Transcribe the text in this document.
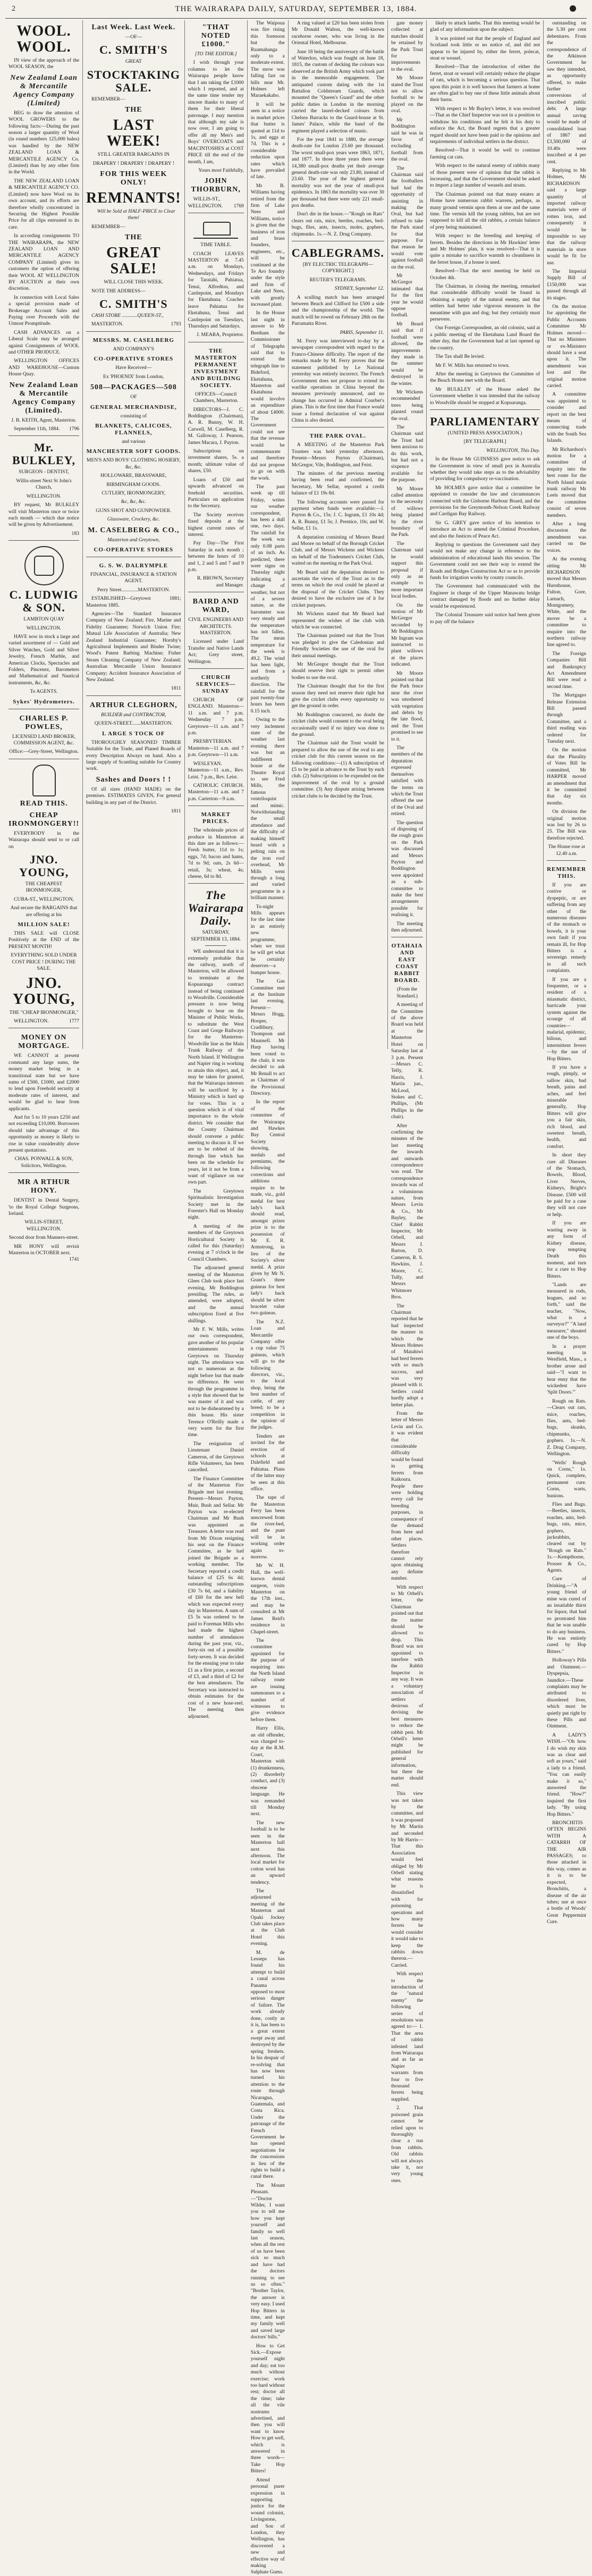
2	THE WAIRARAPA DAILY, SATURDAY, SEPTEMBER 13, 1884.
WOOL. WOOL.

IN view of the approach of the WOOL SEASON, the

New Zealand Loan & Mercantile Agency Company (Limited)

BEG to draw the attention of WOOL GROWERS to the following facts:—During the past season a larger quantity of Wool (in round numbers 125,000 bales) was handled by the NEW ZEALAND LOAN & MERCANTILE AGENCY Co. (Limited) than by any other firm in the World.

THE NEW ZEALAND LOAN & MERCANTILE AGENCY CO. (Limited) now have Wool on its own account, and its efforts are therefore wholly concentrated in Securing the Highest Possible Price for all clips entrusted to its care.

In according consignments TO THE WAIRARAPA, the NEW ZEALAND LOAN AND MERCANTILE AGENCY COMPANY (Limited) gives its customers the option of offering their WOOL AT WELLINGTON BY AUCTION at their own discretion.

In connection with Local Sales a special provision made of Brokerage Account Sales and Paying over Proceeds with the Utmost Promptitude.

CASH ADVANCES on a Liberal Scale may be arranged against Consignments of WOOL and OTHER PRODUCE.

WELLINGTON OFFICES AND WAREHOUSE—Custom House Quay.

New Zealand Loan & Mercantile Agency Company (Limited).

J. B. KEITH, Agent, Masterton.

September 11th, 1884.	1796

Mr. BULKLEY,

SURGEON - DENTIST,

Willis-street Next St John's Church,

WELLINGTON.

BY request, Mr BULKLEY will visit Masterton once or twice each month — which due notice will be given by Advertisement.

183

C. LUDWIG & SON.

LAMBTON QUAY

WELLINGTON.

HAVE now in stock a large and varied assortment of — Gold and Silver Watches, Gold and Silver Jewelry, French Marble, and American Clocks, Spectacles and Folders, Pincenez, Barometers and Mathematical and Nautical instruments, &c, &c.

To AGENTS.

Sykes' Hydrometers.
CHARLES P. POWLES,

LICENSED LAND BROKER, COMMISSION AGENT, &c.

Office:—Grey-Street, Wellington.

READ THIS.
CHEAP IRONMONGERY!!

EVERYBODY in the Wairarapa should send to or call on

JNO. YOUNG,

THE CHEAPEST IRONMONGER,

CUBA-ST., WELLINGTON,

And secure the BARGAINS that are offering at his

MILLION SALE!

THIS SALE will CLOSE Positively at the END of the PRESENT MONTH!

EVERYTHING SOLD UNDER COST PRICE ! DURING THE SALE.

JNO. YOUNG,

THE "CHEAP IRONMONGER,"

WELLINGTON.	1777

MONEY ON MORTGAGE.

WE CANNOT at present command any large sums, the money market being in a transitional state but we have sums of £500, £1000, and £2000 to lend upon Freehold security at moderate rates of interest, and would be glad to hear from applicants.

And for 5 to 10 years £250 and not exceeding £10,000. Borrowers should take advantage of this opportunity as money is likely to rise in value considerably above present quotations.

CHAS. PONWALL & SON, Solicitors, Wellington.

MR A RTHUR HONY.

DENTIST in Dental Surgery, 'to the Royal College Surgeons, Ireland.

WILLIS-STREET, WELLINGTON.

Second door from Manners-street.

MR HONY will revisit Masterton in OCTOBER next.
1741

Last Week. Last Week.

—OF—

C. SMITH'S

GREAT

STOCKTAKING SALE.

REMEMBER—

THE
LAST WEEK!

STILL GREATER BARGAINS IN

DRAPERY ! DRAPERY ! DRAPERY !

FOR THIS WEEK ONLY!
REMNANTS!

Will be Sold at HALF-PRICE to Clear them!

REMEMBER—

THE
GREAT SALE!

WILL CLOSE THIS WEEK.

NOTE THE ADDRESS—

C. SMITH'S

CASH STORE ............QUEEN-ST.,

MASTERTON.	1793

MESSRS. M. CASELBERG

AND COMPANY'S

CO-OPERATIVE STORES

Have Received—

Ex 'PHOENIX' from London,

508—PACKAGES—508

OF

GENERAL MERCHANDISE,

consisting of

BLANKETS, CALICOES, FLANNELS,

and various

MANCHESTER SOFT GOODS.

MEN'S AND BOYS' CLOTHING HOSIERY, &c, &c.

HOLLOWARE, BRASSWARE,

BIRMINGHAM GOODS.

CUTLERY, IRONMONGERY,

&c, &c, &c.

GUNS SHOT AND GUNPOWDER.

Glassware, Crockery, &c.

M. CASELBERG & CO.,

Masterton and Greytown,

CO-OPERATIVE STORES
G. S. W. DALRYMPLE

FINANCIAL, INSURANCE & STATION AGENT.

Perry Street.............MASTERTON.

ESTABLISHED—Greytown 1881; Masterton 1885.

Agencies—The Standard Insurance Company of New Zealand; Fire, Marine and Fidelity Guarantee; Norwich Union Fire; Mutual Life Association of Australia; New Zealand Industrial Guarantee; Hornby's Agricultural Implements and Binder Twine; Wood's Patent Barbing Machine; Fisher Steam Cleaning Company of New Zealand; Australian Mercantile Union Insurance Company; Accident Insurance Association of New Zealand.

1811

ARTHUR CLEGHORN,

BUILDER and CONTRACTOR,

QUEEN-STREET.......MASTERTON.

L ARGE S TOCK OF

THOROUGHLY SEASONED TIMBER Suitable for the Trade, and Planed Boards of every Description Always on hand. Also a large supply of Scantling suitable for Country work.

Sashes and Doors ! !

Of all sizes (HAND MADE) on the premises. ESTIMATES GIVEN, For general building in any part of the District.

1811

"THAT NOTED £1000."

[TO THE EDITOR.]

I wish through your columns to let the Wairarapa people know that I am taking the £1000 which I reported, and at the same time tender my sincere thanks to many of them for their liberal patronage. I may mention that although my sale is now over, I am going to offer all my Men's and Boys' OVERCOATS and MACINTOSHES at COST PRICE till the end of the month, I am,

Yours most Faithfully,

JOHN THORBURN,

WILLIS-ST., WELLINGTON.	1769

TIME TABLE.

COACH LEAVES MASTERTON at 7.45 a.m. on Mondays, Wednesdays, and Fridays for Taratahi, Pahiatua, Tenui, Alfredton, and Castlepoint, and Mondays for Eketahuna. Coaches leave Pahiatua for Eketahuna, Tenui and Castlepoint on Tuesdays, Thursdays and Saturdays.

J. MEARA, Proprietor.

THE MASTERTON PERMANENT INVESTMENT AND BUILDING SOCIETY.

OFFICES—Council Chambers, Masterton.

DIRECTORS—J. C. Boddington (Chairman), A. R. Bunny, W. H. Carwell, M. Caselberg, R. M. Galloway, J. Pearson, James Macara, J. Payton.

Subscriptions on investment shares, 5s. a month; ultimate value of shares, £50.

Loans of £50 and upwards advanced on freehold securities. Particulars on application to the Secretary.

The Society receives fixed deposits at the highest current rates of interest.

Pay Day—The First Saturday in each month ; between the hours of 10 and 1, 2 and 5 and 7 and 9 p.m.

R. BROWN, Secretary and Manager.

BAIRD AND WARD,

CIVIL ENGINEERS AND ARCHITECTS. MASTERTON.

Licensed under Land Transfer and Native Lands Act; Grey street, Wellington.

CHURCH SERVICES—SUNDAY

CHURCH OF ENGLAND. Masterton—11 a.m. and 7 p.m. Wednesday 7 p.m. Greytown—11 a.m. and 7 p.m.

PRESBYTERIAN. Masterton—11 a.m. and 7 p.m. Greytown—11 a.m.

WESLEYAN. Masterton—11 a.m., Rev. Leist. 7 p.m., Rev. Leist.

CATHOLIC CHURCH. Masterton—11 a.m. and 7 p.m. Carterton—9 a.m.

MARKET PRICES.

The wholesale prices of produce in Masterton at this date are as follows:—Fresh butter, 11d to 1s; eggs, 7d; bacon and hams, 7d to 9d; oats, 2s 6d—retail, 3s; wheat, 4s; cheese, 6d to 8d.

The Wairarapa Daily.

SATURDAY, SEPTEMBER 13, 1884.

WE understand that it is extremely probable that the railway, north of Masterton, will be allowed to terminate at the Kopuaranga contract instead of being continued to Woodville. Considerable pressure is now being brought to bear on the Minister of Public Works, to substitute the West Coast and Gorge Railways for the Masterton-Woodville line as the Main Trunk Railway of the North Island. If Wellington and Napier ring is working to attain this object, and, it may be taken for granted, that the Wairarapa interests will be sacrificed by a Ministry which is hard up for votes. This is a question which is of vital importance to the whole district. We consider that the County Chairman should convene a public meeting to discuss it. If we are to be robbed of the through line which has been on the schedule for years, let it not be from a want of vigilance on our own part.

The Greytown Spiritualistic Investigation Society met in the Forester's Hall on Monday night.

A meeting of the members of the Greytown Horticultural Society is called for this (Saturday) evening at 7 o'clock in the Council Chambers.

The adjourned general meeting of the Masterton Glees Club took place last evening, Mr Boddington presiding. The rules, as amended, were adopted, and the annual subscription fixed at five shillings.

Mr F. W. Mills, writes our own correspondent, gave another of his popular entertainments in Greytown on Thursday night. The attendance was not so numerous as the night before but that made no difference. He went through the programme in a style that showed that he was master of it and was not to be disheartened by a thin house. His sister Terence O'Reilly made a very warm for the first time.

The resignation of Lieutenant Daniel Cameron, of the Greytown Rifle Volunteers, has been cancelled.

The Finance Committee of the Masterton Fire Brigade met last evening. Present—Messrs Payton, Muir, Bush and Sellar. Mr Payton was re-elected Chairman and Mr Bush was appointed as Treasurer. A letter was read from Mr Dixon resigning his seat on the Finance Committee, as he had joined the Brigade as a working member. The Secretary reported a credit balance of £25 6s 4d; outstanding subscriptions £30 7s 6d, and a liability of £60 for the new bell which was expected every day in Masterton. A sum of £5 5s was ordered to be paid to Foreman Mills who had made the highest number of attendances during the past year, viz., forty-six out of a possible forty-seven. It was decided for the ensuing year to take £1 as a first prize, a second of £3, and a third of £2 for the best attendances. The Secretary was instructed to obtain estimates for the cost of a new hose-reel. The meeting then adjourned.

The Waipoua was fire rising this forenoon but the Ruamahanga only to a moderate extent. The snow was falling fast on hills near Mr. Holmes left Maraekakaho.

It will be seen in a notice in market prices that butter is quoted at 11d to 1s, and eggs at 7d. This is a considerable reduction upon rates which have prevailed of late.

Mr B. Williams having retired from the firm of Lake Nees and Williams, notice is given that the business of iron and brass founders, engineers, etc., will be continued at the Te Aro foundry under the style and firm of Lake and Nees, with greatly increased plant.

In the House last night in answer to Mr Beetham the Commissioner of Telegraphs said that to extend the telegraph line to Bideford, Eketahuna, Masterton and Ekatahuna would involve an expenditure of about £4000. The Government could not see that the revenue would be commensurate and therefore did not propose to go on with the work.

The past week up till Friday, writes our weather correspondent, has been a dull one, two days. The rainfall for the week was only 0.08 parts of an inch. As predicted, there were signs on Thursday night indicating a change of weather, but not of a severe nature, as the barometer was very steady and the temperature has not fallen. The mean temperature for the week is 49.2. The wind has been light, and from a northerly direction. The rainfall for the past twenty-four hours has been 0.15 inch.

Owing to the very inclement state of the weather last evening there was but an indifferent house at the Theatre Royal to see Fred Mills, the famous ventriloquist and mimic. Notwithstanding the small attendance and the difficulty of making himself heard with a pelting rain on the iron roof overhead, Mr Mills went through a long and varied programme in a brilliant manner.

To-night Mills appears for the last time in an entirely new programme, when we trust he will get what he certainly deserves—a bumper house.

The Gas Committee met at the Institute last evening. Present—Messrs Hogg, Hooper, Cradlibury, Thompson and Maunsell. Mr Harp having been voted to the chair, it was decided to ask Mr Renall to act as Chairman of the Provisional Directory.

In the report of the committee of the Wairarapa and Hawkes Bay Central Society showing, medals and premiums, the following corrections and additions require to be made, viz., gold medal for best lady's hack should read, amongst prizes prize is to the possession of Mr E. R. Armstrong, in lieu of the Society's silver medal. A prize given by Mr N. Grant's three guineas for best lady's hack should be silver bracelet value two guineas.

The N.Z. Loan and Mercantile Company offer a cup value 75 guineas, which will go to the following directors, viz., to the local shop, being the best number of cattle, of any breed; to be a competition in the opinion of the judges.

Tenders are invited for the erection of schools at Dalefield and Pahiatua. Plans of the latter may be seen at this office.

The tape of the Masterton Ferry has been unscrewed from the river-bed, and the punt will be in working order again to-morrow.

Mr W. H. Hall, the well-known dental surgeon, visits Masterton on the 17th inst., and may be consulted at Mr James Reid's residence in Chapel-street.

The committee appointed for the purpose of enquiring into the North Island railway route are issuing summonses to a number of witnesses to give evidence before them.

Harry Ellis, an old offender, was charged to-day at the R.M. Court, Masterton with (1) drunkenness, (2) disorderly conduct, and (3) obscene language. He was remanded till Monday next.

The new football is to be seen in the Masterton hall next this afternoon. The local market for cotton wool has an upward tendency.

The adjourned meeting of the Masterton and Opaki Jockey Club takes place at the Club Hotel this evening.

M. de Lesseps has found his attempt to build a canal across Panama opposed to most serious danger of failure. The work already done, costly as it is, has been to a great extent swept away and destroyed by the spring freshets. In his despair of re-solving that has now been turned his attention to the route through Nicaragua, Guatemala, and Costa Rica. Under the patronage of the French Government he has opened negotiations for the concessions in lieu of the rights to build a canal there.

The Mount Pleasant.—"Doctor Wilder, I want you to tell me how you kept yourself and family so well last season, when all the rest of us have been sick so much and have had the doctors running to see us so often." "Brother Taylor, the answer is very easy. I used Hop Bitters in time, and kept my family well and saved large doctors' bills."

How to Get Sick.—Expose yourself night and day; eat too much without exercise; work too hard without rest; doctor all the time; take all the vile nostrums advertised, and then you will want to know How to get well, which is answered in three words—Take Hop Bitters!

Attend personal purer expression in supporting justice for the wound colonist, Livingstone, and Son of London, they Wellington, has discovered a new and effective way of making Sulphate Gums.

A ring valued at £20 has been stolen from Mr Donald Walton, the well-known racehorse owner, who was living in the Oriental Hotel, Melbourne.

June 18 being the anniversary of the battle of Waterloo, which was fought on June 18, 1815, the custom of decking the colours was observed at the British Army which took part in the memorable engagement. The antiquated custom dating with the 1st Battalion Coldstream Guards, which mounted the "Queen's Guard" and the other public duties in London in the morning carried the laurel-decked colours from Chelsea Barracks to the Guard-house at St. James' Palace, while the band of the regiment played a selection of music.

For the year 1841 to 1880, the average death-rate for London 23.60 per thousand. The worst small-pox years were 1863, 1871, and 1877. In those three years there were 14,380 small-pox deaths yet their average general death-rate was only 23.80, instead of 23.60. The year of the highest general mortality was not the year of small-pox epidemics. In 1863 the mortality was over 30 per thousand but there were only 221 small-pox deaths.

Don't die in the house.—"Rough on Rats" clears out rats, mice, beetles, roaches, bed-bugs, flies, ants, insects, moles, gophers, chipmunks. 1s.—N. Z. Drug Company.

CABLEGRAMS.

[BY ELECTRIC TELEGRAPH—COPYRIGHT.]

REUTER'S TELEGRAMS.

SYDNEY, September 12.

A sculling match has been arranged between Beach and Clifford for £500 a side and the championship of the world. The match will be rowed on February 28th on the Parramatta River.

PARIS, September 11.

M. Ferry was interviewed to-day by a newspaper correspondent with regard to the Franco-Chinese difficulty. The report of the remarks made by M. Ferry proves that the statement published by Le National yesterday was entirely incorrect. The French Government does not propose to extend its warlike operations in China beyond the measures previously announced, and no change has occurred in Admiral Courbet's plans. This is the first time that France would issue a formal declaration of war against China is also denied.

THE PARK OVAL.

A MEETING of the Masterton Park Trustees was held yesterday afternoon. Present—Messrs Payton (Chairman), McGregor, Vile, Boddington, and Feist.

The minutes of the previous meeting having been read and confirmed, the Secretary, Mr Sellar, reported a credit balance of £1 19s 8d.

The following accounts were passed for payment when funds were available:—J. Payton & Co., 15s; J. C. Ingram, £1 10s 4d; A. R. Bunny, £1 5s; J. Prentice, 10s; and W. Sellar, £1 1s.

A deputation consisting of Messrs Beard and Moore on behalf of the Borough Cricket Club, and of Messrs Wickens and Wickens on behalf of the Tradesmen's Cricket Club, waited on the meeting re the Park Oval.

Mr Beard said the deputation desired to ascertain the views of the Trust as to the terms on which the oval could be placed at the disposal of the Cricket Clubs. They desired to have the exclusive use of it for cricket purposes.

Mr Wickens stated that Mr Beard had represented the wishes of the club with which he was connected.

The Chairman pointed out that the Trust was pledged to give the Caledonian and Friendly Societies the use of the oval for their annual meetings.

Mr McGregor thought that the Trust should reserve their right to permit other bodies to use the oval.

The Chairman thought that for the first season they need not reserve their right but give the cricket clubs every opportunity to get the ground in order.

Mr Boddington concurred, no doubt the cricket clubs would consent to the oval being occasionally used if no injury was done to the ground.

The Chairman said the Trust would be prepared to allow the use of the oval to any cricket club for this current season on the following conditions:—(1) A subscription of £5 to be paid in advance to the Trust by each club. (2) Subscriptions to be expended on the improvement of the oval by a ground committee. (3) Any dispute arising between cricket clubs to be decided by the Trust.

gate money collected at matches should be retained by the Park Trust for improvements to the oval.

Mr Moore stated the Trust not to allow football to be played on the oval.

Mr Boddington said he was in favor of excluding football from the oval.

The Chairman said the footballers had had the opportunity of assisting in making the Oval, but had refused to take the Park stand for that purpose. For that reason he would vote against football on the oval.

Mr McGregor intimated that for the first year he would oppose football.

Mr Beard said that if football were allowed, the improvements they made in the summer would be destroyed in the winter.

Mr Wickens recommended trees being planted round the oval.

The Chairman said the Trust had been anxious to do this work, but had not a sixpence available for the purpose.

Mr Moore called attention to the necessity of willows being planted by the river boundary of the Park.

The Chairman said he would support this proposal if only as an example to more important local bodies.

On the motion of Mr McGregor seconded by Mr Boddington Mr Ingram was instructed to plant willows at the places indicated.

Mr Moore pointed out that the Park fence near the river was smothered with vegetation and debris by the late flood, and the Trust promised to see to it.

The members of the deputation expressed themselves satisfied with the terms on which the Trust offered the use of the Oval and retired.

The question of disposing of the rough grass on the Park was discussed and Messrs Payton and Boddington were appointed as a sub-committee to make the best arrangements possible for realising it.

The meeting then adjourned.

OTAHAIA AND EAST COAST RABBIT BOARD.

(From the Standard.)

A meeting of the Committee of the above Board was held at the Masterton Hotel on Saturday last at 3 p.m. Present—Messrs C. Telly, R. Harris, J. Martin jun., McLeod, Stokes and C. Phillips, (Mr Phillips in the chair).

After confirming the minutes of the last meeting the inwards and outwards correspondence was read. The correspondence inwards was of a voluminous nature, from Messrs Levin & Co., Mr Bayley, the Chief Rabbit Inspector, Mr Orbell, and Messrs J. Barton, D. Cameron, R. S. Hawkins, J. Moore, C. Tully, and Messrs Whitmore Bros.

The Chairman reported that he had inspected the manner in which the Messrs Holmes of Matahiwi had bred ferrets with so much success, and was very pleased with it. Settlers could hardly adopt a better plan.

From the letter of Messrs Levin and Co. it was evident that considerable difficulty would be found in getting ferrets from Kaikoura. People there were holding every call for breeding purposes, in consequence of the demand from here and other places. Settlers therefore cannot rely upon obtaining any definite number.

With respect to Mr Orbell's letter, the Chairman pointed out that the matter should be allowed to drop. This Board was not appointed to interfere with the Rabbit Inspector in any way. It was a voluntary association of settlers desirous of devising the best measures to reduce the rabbit pest. Mr Orbell's letter might be published for general information, but there the matter should end.

This view was not taken by the committee, and it was proposed by Mr Martin and seconded by Mr Harris— That this Association would feel obliged by Mr Orbell stating what reasons he is dissatisfied with for poisoning operations and how many ferrets he would consider it would take to keep the rabbits down thereon.—Carried.

With respect to the introduction of the "natural enemy" the following series of resolutions was agreed to:— 1. That the area of rabbit infested land from Wairarapa and as far as Napier warrants from four to five thousand ferrets being supplied.

2. That poisoned grain cannot be relied upon to thoroughly clear a run from rabbits. Old rabbits will not always take it, nor very young ones.

likely to attack lambs. That this meeting would be glad of any information upon the subject.

It was pointed out that the people of England and Scotland took little or no notice of, and did not appear to be injured by, either the ferret, polecat, stoat or weasel.

Resolved—That the introduction of either the ferret, stoat or weasel will certainly reduce the plague of rats, which is becoming a serious question. That upon this point it is well known that farmers at home are often glad to buy one of these little animals about their barns.

With respect to Mr Bayley's letter, it was resolved—That as the Chief Inspector was not in a position to withdraw his conditions and he felt it his duty to enforce the Act, the Board regrets that a greater regard should not have been paid to the opinions and requirements of individual settlers in the district.

Resolved—That it would be well to continue farming cat cats.

With respect to the natural enemy of rabbits many of those present were of opinion that the rabbit is increasing, and that the Government should be asked to import a large number of weasels and stoats.

The Chairman pointed out that many estates at Home have numerous rabbit warrens, perhaps, as many ground vermin upon them at one and the same time. The vermin kill the young rabbits, but are not supposed to kill all the old rabbits, a certain balance of prey being maintained.

With respect to the breeding and keeping of ferrets. Besides the directions in Mr Hawkins' letter and Mr Holmes' plan, it was resolved—That it is quite a mistake to sacrifice warmth to cleanliness in the ferret house, if a house is used.

Resolved—That the next meeting be held on October 4th.

The Chairman, in closing the meeting, remarked that considerable difficulty would be found in obtaining a supply of the natural enemy, and that settlers had better take vigorous measures in the meantime with gun and dog; but they certainly must persevere.

Our Foreign Correspondent, an old colonist, said at a public meeting of the Eketahuna Land Board the other day, that the Government had at last opened up the country.

The Tax shall Be levied.

Mr F. W. Mills has returned to town.

After the meeting in Greytown the Committee of the Beach Home met with the Board.

Mr BULKLEY of the House asked the Government whether it was intended that the railway to Woodville should be stopped at Kopuaranga.

PARLIAMENTARY

(UNITED PRESS ASSOCIATION.)

[BY TELEGRAPH.]

WELLINGTON, This Day.

In the House Mr GUINNESS gave notice to ask the Government in view of small pox in Australia whether they would take steps as to the advisability of providing for compulsory re-vaccination.

Mr HOLMES gave notice that a committee be appointed to consider the law and circumstances connected with the Gisborne Harbour Board, and the provisions for the Greymouth-Nelson Creek Railway and Cardigan Bay Railway.

Sir G. GREY gave notice of his intention to introduce an Act to amend the Criminal Procedure, and also the Justices of Peace Act.

Replying to questions the Government said they would not make any change in reference to the administration of educational lands this session. The Government could not see their way to extend the Roads and Bridges Construction Act so as to provide funds for irrigation works by county councils.

The Government had communicated with the Engineer in charge of the Upper Manawatu bridge contract damaged by floods and no further delay would be experienced.

The Colonial Treasurer said notice had been given to pay off the balance

outstanding on the 5.30 per cent debentures. From the correspondence of the Atkinson Government he saw they intended, as opportunity offered, to make further conversions of inscribed public debt. A large annual saving would be made of consolidated loan of 1867 and £3,500,000 of 10.40s were inscribed at 4 per cent.

Replying to Mr Holmes, Mr RICHARDSON said a large quantity of imported railway materials were of rotten iron, and consequently it would be impossible to say that the railway materials in store would be fit for use.

The Imperial Supply Bill of £150,000 was passed through all its stages.

On the motion for appointing the Public Accounts Committee Mr Holmes moved—That no Ministers or ex-Ministers should have a seat upon it. The amendment was lost and the original motion carried.

A committee was appointed to consider and report on the best means of connecting trade with the South Sea Islands.

Mr Richardson's motion for a committee of enquiry into the best route for the North Island main trunk railway Mr Leels moved that the committee consist of seven members.

After a long discussion the amendment was carried on the voices.

At the evening sitting Mr RICHARDSON moved that Messrs Hursthouse, Fulton, Gore, Larnach, Montgomery, White, and the mover be a committee to enquire into the northern railway line agreed to.

The Foreign Companies Bill and Bankruptcy Act Amendment Bill were read a second time.

The Mortgages Release Extension Bill passed through Committee, and a third reading was ordered for Tuesday next.

On the motion that the Plurality of Votes Bill be committed, Mr HARPER moved an amendment that it be committed that day six months.

On division the original motion was lost by 26 to 25. The Bill was therefore rejected.

The House rose at 12.40 a.m.

REMEMBER THIS.

If you are costive or dyspeptic, or are suffering from any other of the numerous diseases of the stomach or bowels, it is your own fault if you remain ill, for Hop Bitters is a sovereign remedy in all such complaints.

If you are a frequenter, or a resident of a miasmatic district, barricade your system against the scourge of all countries—malarial, epidemic, bilious, and intermittent fevers—by the use of Hop Bitters.

If you have a rough, pimply, or sallow skin, bad breath, pains and aches, and feel miserable generally, Hop Bitters will give you a fair skin, rich blood, and sweetest breath, health, and comfort.

In short they cure all Diseases of the Stomach, Bowels, Blood, Liver Nerves, Kidneys, Bright's Disease. £500 will be paid for a case they will not cure or help.

If you are wasting away in any form of Kidney disease, stop tempting Death this moment, and turn for a cure to Hop Bitters.

"Lands are measured in rods, leagues, and so forth," said the teacher, "Now, what is a surveyor?" "A land measurer," shouted one of the boys.

In a prayer meeting in Westfield, Mass., a brother arose and said—"I want to hear enny that the wickedest have 'Split Doors.'"

Rough on Rats.—Clears out rats, mice, roaches, flies, ants, bed-bugs, skunks, chipmunks, gophers. 1s.—N. Z. Drug Company, Wellington.

"Wells' Rough on Corns," 1s. Quick, complete, permanent cure. Corns, warts, bunions.

Flies and Bugs.—Beetles, insects, roaches, ants, bed-bugs, rats, mice, gophers, jackrabbits, cleared out by "Rough on Rats." 1s.—Kempthorne, Prosser & Co., Agents.

Cure of Drinking.—"A young friend of mine was cured of an insatiable thirst for liquor, that had so prostrated him that he was unable to do any business. He was entirely cured by Hop Bitters."

Holloway's Pills and Ointment.—Dyspepsia, Jaundice.—These complaints may be attributed to disordered liver, which must be quietly put right by these Pills and Ointment.

A LADY'S WISH.—"Oh how I do wish my skin was as clear and soft as yours," said a lady to a friend. "You can easily make it so," answered the friend. "How?" inquired the first lady. "By using Hop Bitters."

BRONCHITIS OFTEN BEGINS WITH A CATARRH OF THE AIR PASSAGES; to those attacked in this way, comes as it is to be expected, Bronchitis, a disease of the air tubes; use at once a bottle of Woods' Great Peppermint Cure.
